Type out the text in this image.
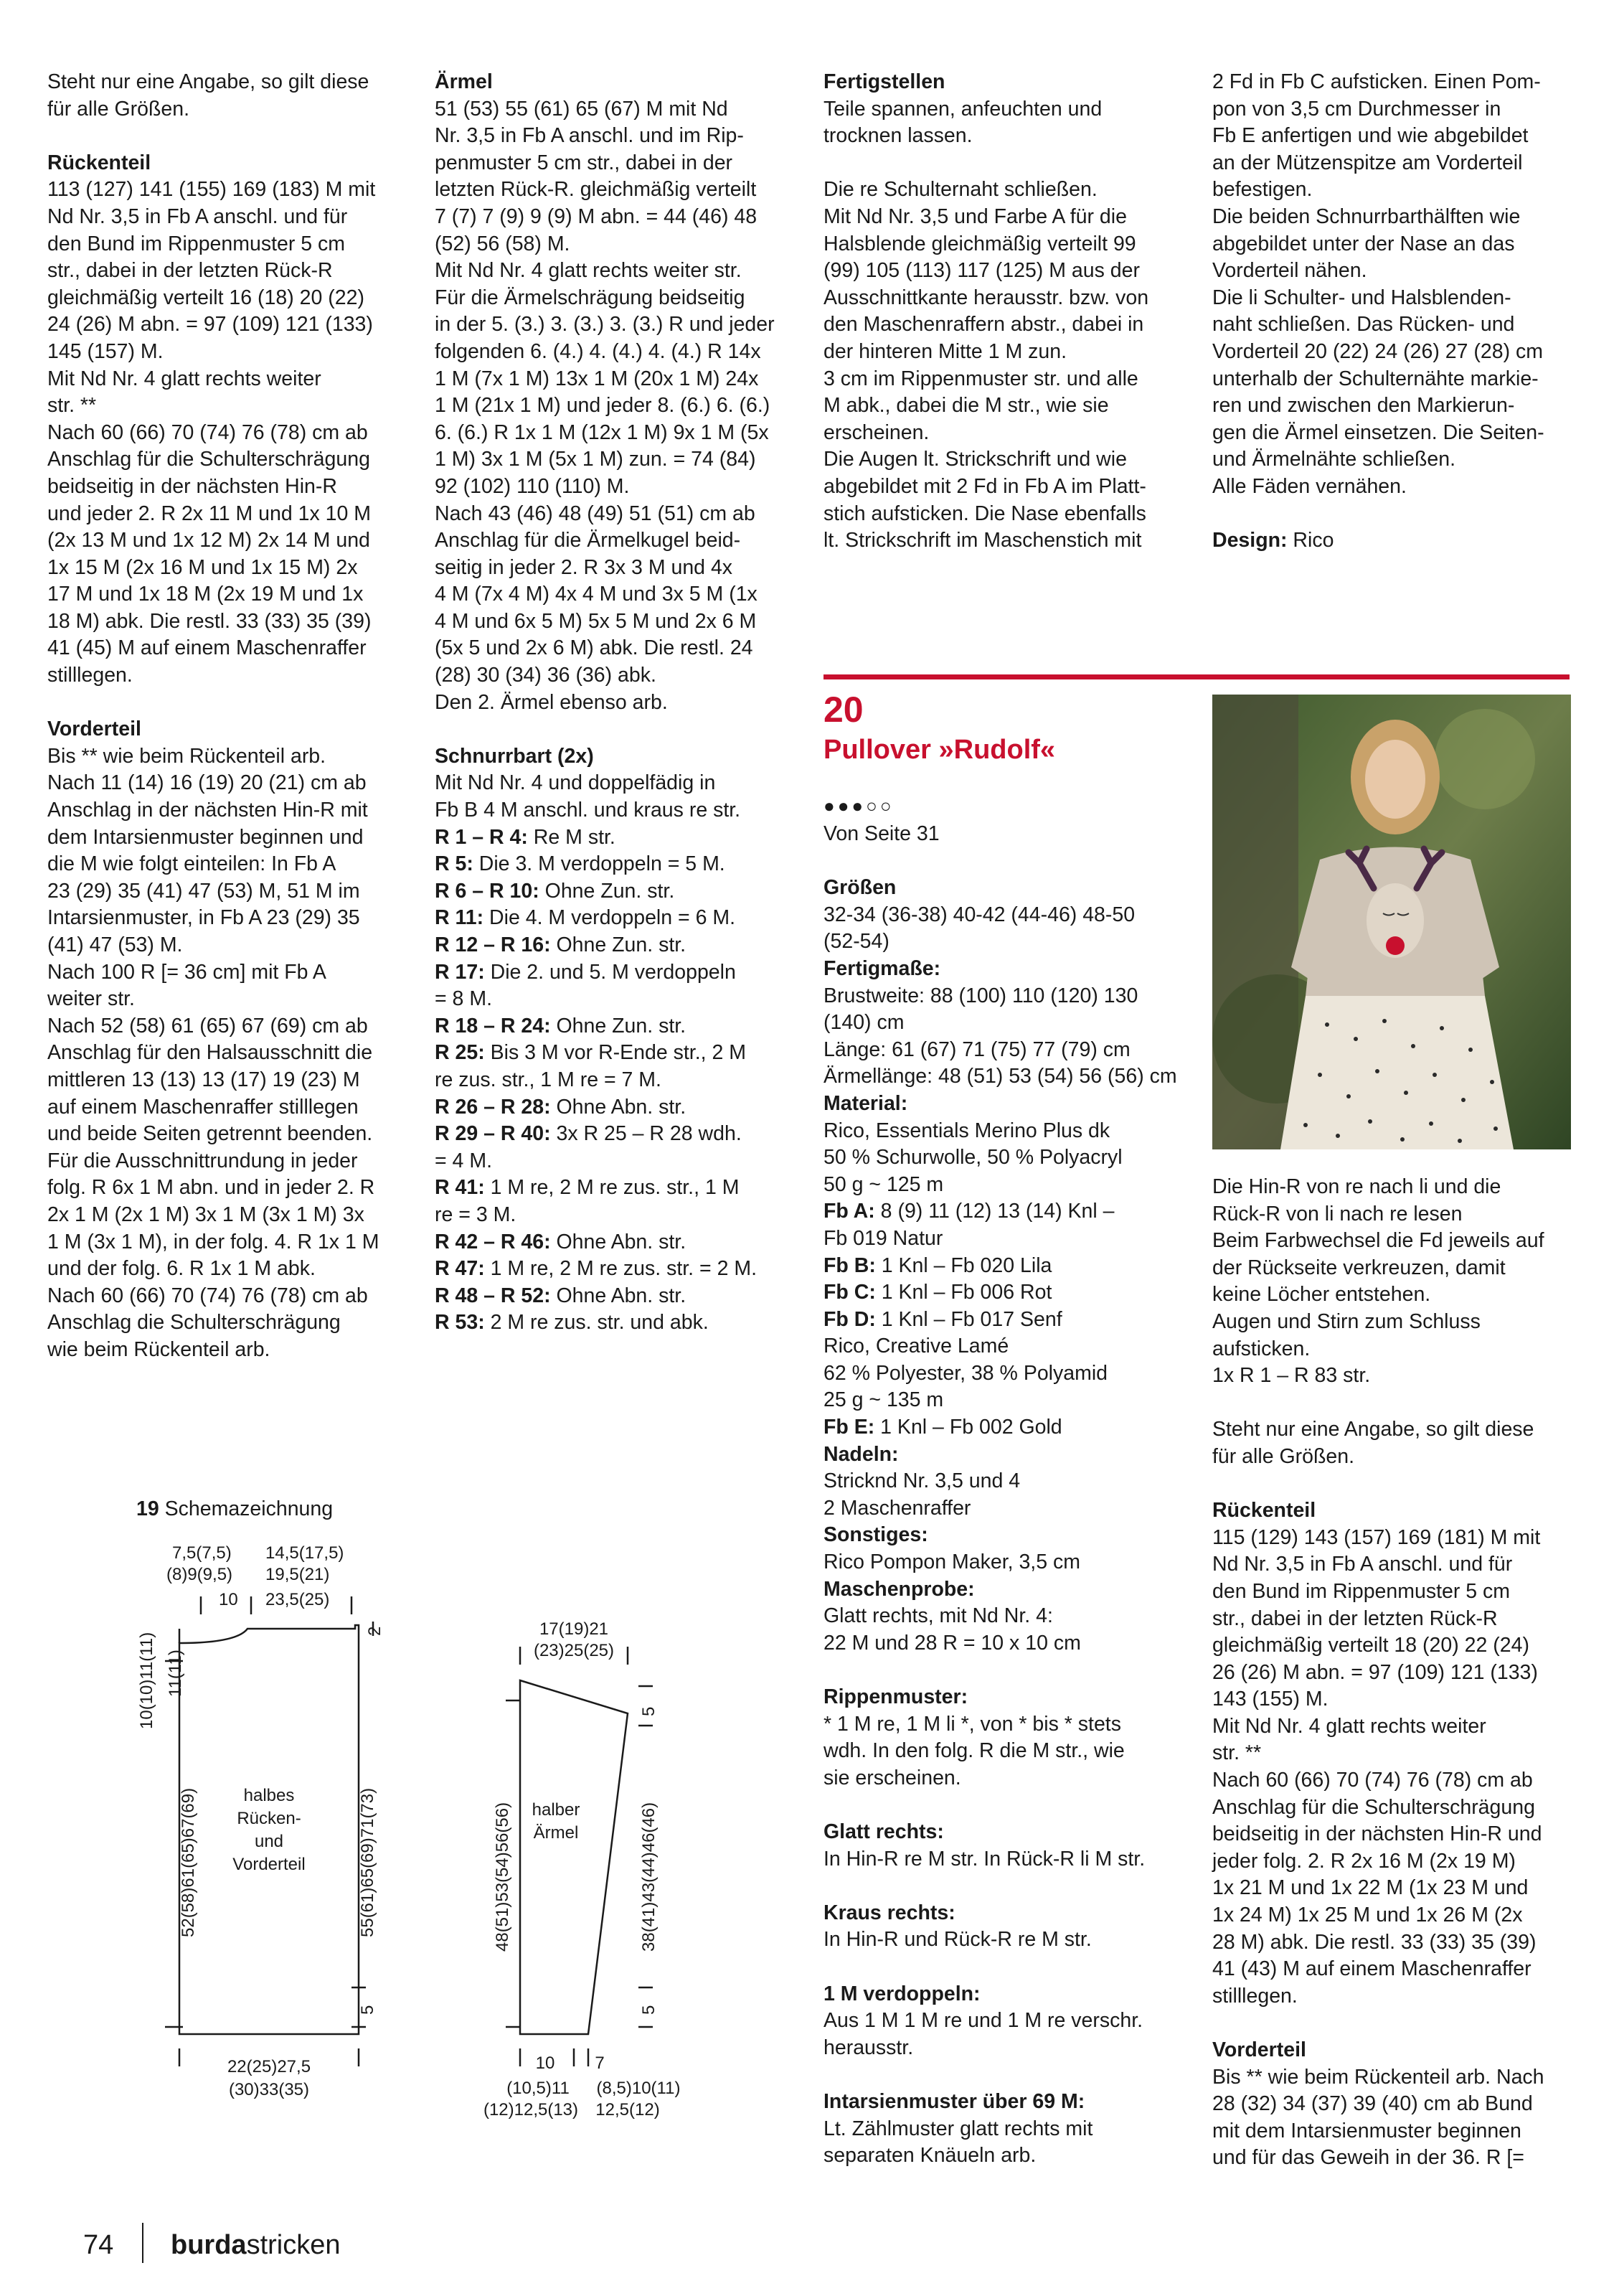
Steht nur eine Angabe, so gilt diese
für alle Größen.

Rückenteil

113 (127) 141 (155) 169 (183) M mit
Nd Nr. 3,5 in Fb A anschl. und für
den Bund im Rippenmuster 5 cm
str., dabei in der letzten Rück-R
gleichmäßig verteilt 16 (18) 20 (22)
24 (26) M abn. = 97 (109) 121 (133)
145 (157) M.
Mit Nd Nr. 4 glatt rechts weiter
str. **
Nach 60 (66) 70 (74) 76 (78) cm ab
Anschlag für die Schulterschrägung
beidseitig in der nächsten Hin-R
und jeder 2. R 2x 11 M und 1x 10 M
(2x 13 M und 1x 12 M) 2x 14 M und
1x 15 M (2x 16 M und 1x 15 M) 2x
17 M und 1x 18 M (2x 19 M und 1x
18 M) abk. Die restl. 33 (33) 35 (39)
41 (45) M auf einem Maschenraffer
stilllegen.

Vorderteil

Bis ** wie beim Rückenteil arb.
Nach 11 (14) 16 (19) 20 (21) cm ab
Anschlag in der nächsten Hin-R mit
dem Intarsienmuster beginnen und
die M wie folgt einteilen: In Fb A
23 (29) 35 (41) 47 (53) M, 51 M im
Intarsienmuster, in Fb A 23 (29) 35
(41) 47 (53) M.
Nach 100 R [= 36 cm] mit Fb A
weiter str.
Nach 52 (58) 61 (65) 67 (69) cm ab
Anschlag für den Halsausschnitt die
mittleren 13 (13) 13 (17) 19 (23) M
auf einem Maschenraffer stilllegen
und beide Seiten getrennt beenden.
Für die Ausschnittrundung in jeder
folg. R 6x 1 M abn. und in jeder 2. R
2x 1 M (2x 1 M) 3x 1 M (3x 1 M) 3x
1 M (3x 1 M), in der folg. 4. R 1x 1 M
und der folg. 6. R 1x 1 M abk.
Nach 60 (66) 70 (74) 76 (78) cm ab
Anschlag die Schulterschrägung
wie beim Rückenteil arb.

Ärmel

51 (53) 55 (61) 65 (67) M mit Nd
Nr. 3,5 in Fb A anschl. und im Rip-
penmuster 5 cm str., dabei in der
letzten Rück-R. gleichmäßig verteilt
7 (7) 7 (9) 9 (9) M abn. = 44 (46) 48
(52) 56 (58) M.
Mit Nd Nr. 4 glatt rechts weiter str.
Für die Ärmelschrägung beidseitig
in der 5. (3.) 3. (3.) 3. (3.) R und jeder
folgenden 6. (4.) 4. (4.) 4. (4.) R 14x
1 M (7x 1 M) 13x 1 M (20x 1 M) 24x
1 M (21x 1 M) und jeder 8. (6.) 6. (6.)
6. (6.) R 1x 1 M (12x 1 M) 9x 1 M (5x
1 M) 3x 1 M (5x 1 M) zun. = 74 (84)
92 (102) 110 (110) M.
Nach 43 (46) 48 (49) 51 (51) cm ab
Anschlag für die Ärmelkugel beid-
seitig in jeder 2. R 3x 3 M und 4x
4 M (7x 4 M) 4x 4 M und 3x 5 M (1x
4 M und 6x 5 M) 5x 5 M und 2x 6 M
(5x 5 und 2x 6 M) abk. Die restl. 24
(28) 30 (34) 36 (36) abk.
Den 2. Ärmel ebenso arb.

Schnurrbart (2x)

Mit Nd Nr. 4 und doppelfädig in
Fb B 4 M anschl. und kraus re str.

R 1 – R 4: Re M str.

R 5: Die 3. M verdoppeln = 5 M.

R 6 – R 10: Ohne Zun. str.

R 11: Die 4. M verdoppeln = 6 M.

R 12 – R 16: Ohne Zun. str.

R 17: Die 2. und 5. M verdoppeln
= 8 M.

R 18 – R 24: Ohne Zun. str.

R 25: Bis 3 M vor R-Ende str., 2 M
re zus. str., 1 M re = 7 M.

R 26 – R 28: Ohne Abn. str.

R 29 – R 40: 3x R 25 – R 28 wdh.
= 4 M.

R 41: 1 M re, 2 M re zus. str., 1 M
re = 3 M.

R 42 – R 46: Ohne Abn. str.

R 47: 1 M re, 2 M re zus. str. = 2 M.

R 48 – R 52: Ohne Abn. str.

R 53: 2 M re zus. str. und abk.

Fertigstellen

Teile spannen, anfeuchten und
trocknen lassen.

Die re Schulternaht schließen.
Mit Nd Nr. 3,5 und Farbe A für die
Halsblende gleichmäßig verteilt 99
(99) 105 (113) 117 (125) M aus der
Ausschnittkante herausstr. bzw. von
den Maschenraffern abstr., dabei in
der hinteren Mitte 1 M zun.
3 cm im Rippenmuster str. und alle
M abk., dabei die M str., wie sie
erscheinen.
Die Augen lt. Strickschrift und wie
abgebildet mit 2 Fd in Fb A im Platt-
stich aufsticken. Die Nase ebenfalls
lt. Strickschrift im Maschenstich mit

2 Fd in Fb C aufsticken. Einen Pom-
pon von 3,5 cm Durchmesser in
Fb E anfertigen und wie abgebildet
an der Mützenspitze am Vorderteil
befestigen.
Die beiden Schnurrbarthälften wie
abgebildet unter der Nase an das
Vorderteil nähen.
Die li Schulter- und Halsblenden-
naht schließen. Das Rücken- und
Vorderteil 20 (22) 24 (26) 27 (28) cm
unterhalb der Schulternähte markie-
ren und zwischen den Markierun-
gen die Ärmel einsetzen. Die Seiten-
und Ärmelnähte schließen.
Alle Fäden vernähen.

Design: Rico

20
Pullover »Rudolf«
●●●○○

Von Seite 31

Größen

32-34 (36-38) 40-42 (44-46) 48-50
(52-54)

Fertigmaße:

Brustweite: 88 (100) 110 (120) 130
(140) cm
Länge: 61 (67) 71 (75) 77 (79) cm
Ärmellänge: 48 (51) 53 (54) 56 (56) cm

Material:

Rico, Essentials Merino Plus dk
50 % Schurwolle, 50 % Polyacryl
50 g ~ 125 m

Fb A: 8 (9) 11 (12) 13 (14) Knl –
Fb 019 Natur

Fb B: 1 Knl – Fb 020 Lila

Fb C: 1 Knl – Fb 006 Rot

Fb D: 1 Knl – Fb 017 Senf

Rico, Creative Lamé
62 % Polyester, 38 % Polyamid
25 g ~ 135 m

Fb E: 1 Knl – Fb 002 Gold

Nadeln:

Stricknd Nr. 3,5 und 4
2 Maschenraffer

Sonstiges:

Rico Pompon Maker, 3,5 cm

Maschenprobe:

Glatt rechts, mit Nd Nr. 4:
22 M und 28 R = 10 x 10 cm

Rippenmuster:

* 1 M re, 1 M li *, von * bis * stets
wdh. In den folg. R die M str., wie
sie erscheinen.

Glatt rechts:

In Hin-R re M str. In Rück-R li M str.

Kraus rechts:

In Hin-R und Rück-R re M str.

1 M verdoppeln:

Aus 1 M 1 M re und 1 M re verschr.
herausstr.

Intarsienmuster über 69 M:

Lt. Zählmuster glatt rechts mit
separaten Knäueln arb.

Die Hin-R von re nach li und die
Rück-R von li nach re lesen
Beim Farbwechsel die Fd jeweils auf
der Rückseite verkreuzen, damit
keine Löcher entstehen.
Augen und Stirn zum Schluss
aufsticken.
1x R 1 – R 83 str.

Steht nur eine Angabe, so gilt diese
für alle Größen.

Rückenteil

115 (129) 143 (157) 169 (181) M mit
Nd Nr. 3,5 in Fb A anschl. und für
den Bund im Rippenmuster 5 cm
str., dabei in der letzten Rück-R
gleichmäßig verteilt 18 (20) 22 (24)
26 (26) M abn. = 97 (109) 121 (133)
143 (155) M.
Mit Nd Nr. 4 glatt rechts weiter
str. **
Nach 60 (66) 70 (74) 76 (78) cm ab
Anschlag für die Schulterschrägung
beidseitig in der nächsten Hin-R und
jeder folg. 2. R 2x 16 M (2x 19 M)
1x 21 M und 1x 22 M (1x 23 M und
1x 24 M) 1x 25 M und 1x 26 M (2x
28 M) abk. Die restl. 33 (33) 35 (39)
41 (43) M auf einem Maschenraffer
stilllegen.

Vorderteil

Bis ** wie beim Rückenteil arb. Nach
28 (32) 34 (37) 39 (40) cm ab Bund
mit dem Intarsienmuster beginnen
und für das Geweih in der 36. R [=

19 Schemazeichnung
7,5(7,5)
(8)9(9,5)
14,5(17,5)
19,5(21)
10 23,5(25)
2
10(10)11(11) 11(11)
52(58)61(65)67(69)	55(61)65(69)71(73)
5
halbes
Rücken-
und
Vorderteil
22(25)27,5
(30)33(35)
17(19)21
(23)25(25)
5
48(51)53(54)56(56)	38(41)43(44)46(46)
5
halber
Ärmel
10 7
(10,5)11
(12)12,5(13)
(8,5)10(11)
12,5(12)
74 burdastricken
